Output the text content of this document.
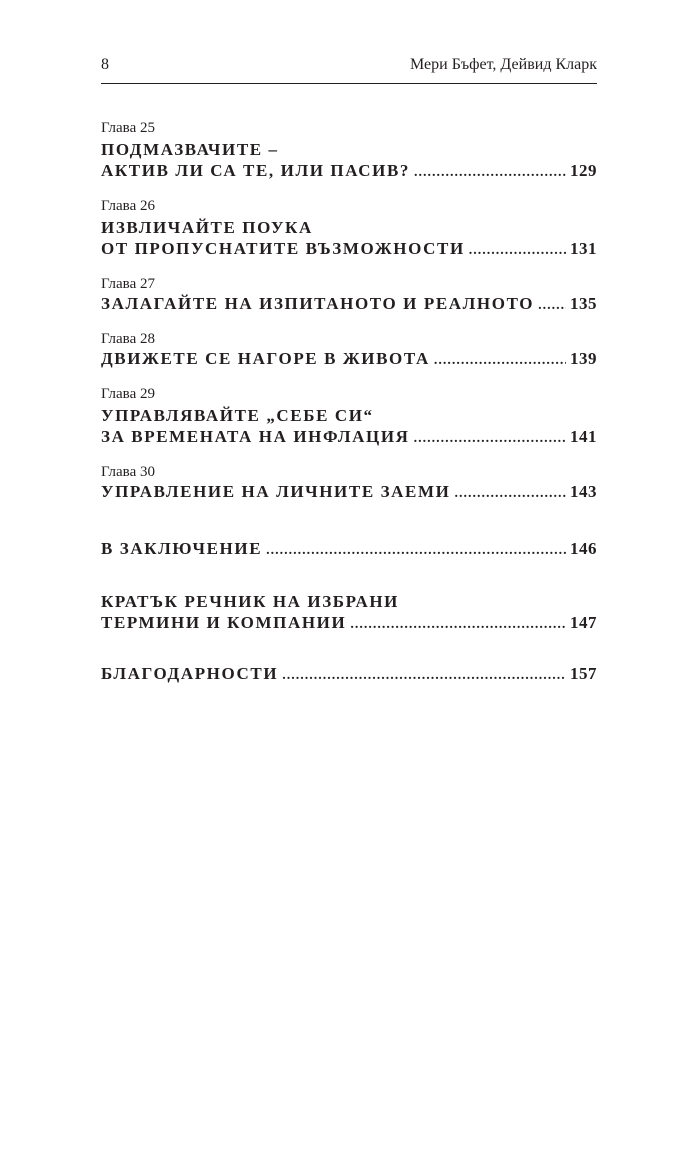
8	Мери Бъфет, Дейвид Кларк
Глава 25
ПОДМАЗВАЧИТЕ –
АКТИВ ЛИ СА ТЕ, ИЛИ ПАСИВ? .....	129
Глава 26
ИЗВЛИЧАЙТЕ ПОУКА
ОТ ПРОПУСНАТИТЕ ВЪЗМОЖНОСТИ .....	131
Глава 27
ЗАЛАГАЙТЕ НА ИЗПИТАНОТО И РЕАЛНОТО ..... 135
Глава 28
ДВИЖЕТЕ СЕ НАГОРЕ В ЖИВОТА .....	139
Глава 29
УПРАВЛЯВАЙТЕ „СЕБЕ СИ“
ЗА ВРЕМЕНАТА НА ИНФЛАЦИЯ .....	141
Глава 30
УПРАВЛЕНИЕ НА ЛИЧНИТЕ ЗАЕМИ .....	143
В ЗАКЛЮЧЕНИЕ .....	146
КРАТЪК РЕЧНИК НА ИЗБРАНИ
ТЕРМИНИ И КОМПАНИИ .....	147
БЛАГОДАРНОСТИ .....	157
